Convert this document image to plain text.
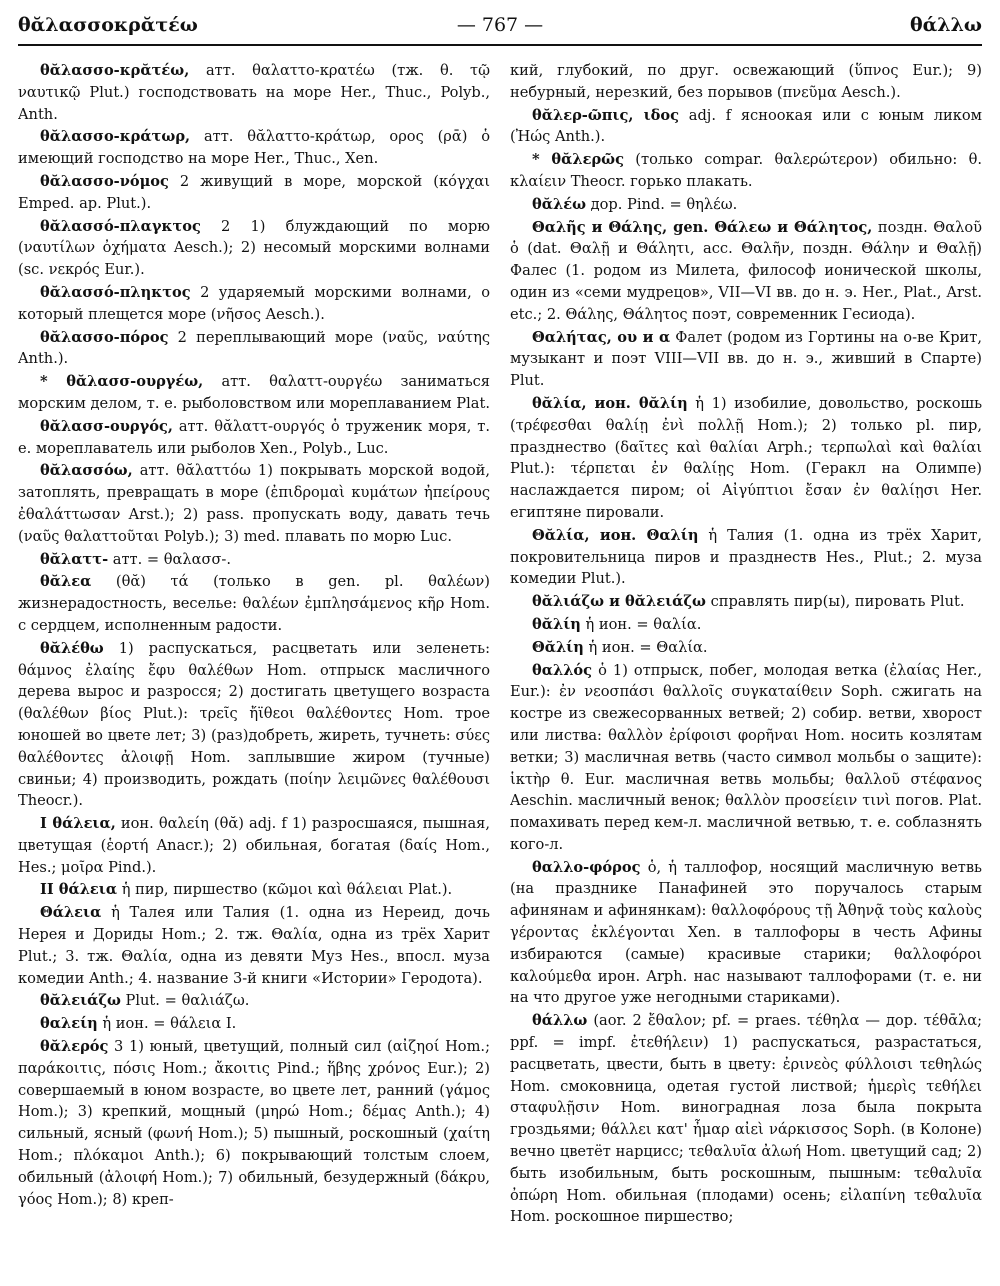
θᾰλασσοκρᾰτέω	— 767 —	θάλλω

θᾰλασσο-κρᾰτέω, атт. θαλαττο-κρατέω (тж. θ. τῷ ναυτικῷ Plut.) господствовать на море Her., Thuc., Polyb., Anth.

θᾰλασσο-κράτωρ, атт. θᾰλαττο-κράτωρ, ορος (ρᾱ) ὁ имеющий господство на море Her., Thuc., Xen.

θᾰλασσο-νόμος 2 живущий в море, морской (κόγχαι Emped. ap. Plut.).

θᾰλασσό-πλαγκτος 2 1) блуждающий по морю (ναυτίλων ὀχήματα Aesch.); 2) несомый морскими волнами (sc. νεκρός Eur.).

θᾰλασσό-πληκτος 2 ударяемый морскими волнами, о который плещется море (νῆσος Aesch.).

θᾰλασσο-πόρος 2 переплывающий море (ναῦς, ναύτης Anth.).

* θᾰλασσ-ουργέω, атт. θαλαττ-ουργέω заниматься морским делом, т. е. рыболовством или мореплаванием Plat.

θᾰλασσ-ουργός, атт. θᾰλαττ-ουργός ὁ труженик моря, т. е. мореплаватель или рыболов Xen., Polyb., Luc.

θᾰλασσόω, атт. θᾰλαττόω 1) покрывать морской водой, затоплять, превращать в море (ἐπιδρομαὶ κυμάτων ἠπείρους ἐθαλάττωσαν Arst.); 2) pass. пропускать воду, давать течь (ναῦς θαλαττοῦται Polyb.); 3) med. плавать по морю Luc.

θᾰλαττ- атт. = θαλασσ-.

θᾰλεα (θᾰ) τά (только в gen. pl. θαλέων) жизнерадостность, веселье: θαλέων ἐμπλησάμενος κῆρ Hom. с сердцем, исполненным радости.

θᾰλέθω 1) распускаться, расцветать или зеленеть: θάμνος ἐλαίης ἔφυ θαλέθων Hom. отпрыск масличного дерева вырос и разросся; 2) достигать цветущего возраста (θαλέθων βίος Plut.): τρεῖς ἤϊθεοι θαλέθοντες Hom. трое юношей во цвете лет; 3) (раз)добреть, жиреть, тучнеть: σύες θαλέθοντες ἀλοιφῇ Hom. заплывшие жиром (тучные) свиньи; 4) производить, рождать (ποίην λειμῶνες θαλέθουσι Theocr.).

I θάλεια, ион. θαλείη (θᾰ) adj. f 1) разросшаяся, пышная, цветущая (ἑορτή Anacr.); 2) обильная, богатая (δαίς Hom., Hes.; μοῖρα Pind.).

II θάλεια ἡ пир, пиршество (κῶμοι καὶ θάλειαι Plat.).

Θάλεια ἡ Талея или Талия (1. одна из Нереид, дочь Нерея и Дориды Hom.; 2. тж. Θαλία, одна из трёх Харит Plut.; 3. тж. Θαλία, одна из девяти Муз Hes., впосл. муза комедии Anth.; 4. название 3-й книги «Истории» Геродота).

θᾰλειάζω Plut. = θαλιάζω.

θαλείη ἡ ион. = θάλεια I.

θᾰλερός 3 1) юный, цветущий, полный сил (αἰζηοί Hom.; παράκοιτις, πόσις Hom.; ἄκοιτις Pind.; ἥβης χρόνος Eur.); 2) совершаемый в юном возрасте, во цвете лет, ранний (γάμος Hom.); 3) крепкий, мощный (μηρώ Hom.; δέμας Anth.); 4) сильный, ясный (φωνή Hom.); 5) пышный, роскошный (χαίτη Hom.; πλόκαμοι Anth.); 6) покрывающий толстым слоем, обильный (ἀλοιφή Hom.); 7) обильный, безудержный (δάκρυ, γόος Hom.); 8) креп-

кий, глубокий, по друг. освежающий (ὕπνος Eur.); 9) небурный, нерезкий, без порывов (πνεῦμα Aesch.).

θᾰλερ-ῶπις, ιδος adj. f ясноокая или с юным ликом (Ἠώς Anth.).

* θᾰλερῶς (только compar. θαλερώτερον) обильно: θ. κλαίειν Theocr. горько плакать.

θᾰλέω дор. Pind. = θηλέω.

Θαλῆς и Θάλης, gen. Θάλεω и Θάλητος, поздн. Θαλοῦ ὁ (dat. Θαλῇ и Θάλητι, acc. Θαλῆν, поздн. Θάλην и Θαλῇ) Фалес (1. родом из Милета, философ ионической школы, один из «семи мудрецов», VII—VI вв. до н. э. Her., Plat., Arst. etc.; 2. Θάλης, Θάλητος поэт, современник Гесиода).

Θαλήτας, ου и α Фалет (родом из Гортины на о-ве Крит, музыкант и поэт VIII—VII вв. до н. э., живший в Спарте) Plut.

θᾰλία, ион. θᾰλίη ἡ 1) изобилие, довольство, роскошь (τρέφεσθαι θαλίῃ ἐνὶ πολλῇ Hom.); 2) только pl. пир, празднество (δαῖτες καὶ θαλίαι Arph.; τερπωλαὶ καὶ θαλίαι Plut.): τέρπεται ἐν θαλίῃς Hom. (Геракл на Олимпе) наслаждается пиром; οἱ Αἰγύπτιοι ἔσαν ἐν θαλίῃσι Her. египтяне пировали.

Θᾰλία, ион. Θαλίη ἡ Талия (1. одна из трёх Харит, покровительница пиров и празднеств Hes., Plut.; 2. муза комедии Plut.).

θᾰλιάζω и θᾰλειάζω справлять пир(ы), пировать Plut.

θᾰλίη ἡ ион. = θαλία.

Θᾰλίη ἡ ион. = Θαλία.

θαλλός ὁ 1) отпрыск, побег, молодая ветка (ἐλαίας Her., Eur.): ἐν νεοσπάσι θαλλοῖς συγκαταίθειν Soph. сжигать на костре из свежесорванных ветвей; 2) собир. ветви, хворост или листва: θαλλὸν ἐρίφοισι φορῆναι Hom. носить козлятам ветки; 3) масличная ветвь (часто символ мольбы о защите): ἱκτὴρ θ. Eur. масличная ветвь мольбы; θαλλοῦ στέφανος Aeschin. масличный венок; θαλλὸν προσείειν τινὶ погов. Plat. помахивать перед кем-л. масличной ветвью, т. е. соблазнять кого-л.

θαλλο-φόρος ὁ, ἡ таллофор, носящий масличную ветвь (на празднике Панафиней это поручалось старым афинянам и афинянкам): θαλλοφόρους τῇ Ἀθηνᾷ τοὺς καλοὺς γέροντας ἐκλέγονται Xen. в таллофоры в честь Афины избираются (самые) красивые старики; θαλλοφόροι καλούμεθα ирон. Arph. нас называют таллофорами (т. е. ни на что другое уже негодными стариками).

θάλλω (aor. 2 ἔθαλον; pf. = praes. τέθηλα — дор. τέθᾱλα; ppf. = impf. ἐτεθήλειν) 1) распускаться, разрастаться, расцветать, цвести, быть в цвету: ἐρινεὸς φύλλοισι τεθηλώς Hom. смоковница, одетая густой листвой; ἡμερὶς τεθήλει σταφυλῇσιν Hom. виноградная лоза была покрыта гроздьями; θάλλει κατ' ἦμαρ αἰεὶ νάρκισσος Soph. (в Колоне) вечно цветёт нарцисс; τεθαλυῖα ἀλωή Hom. цветущий сад; 2) быть изобильным, быть роскошным, пышным: τεθαλυῖα ὀπώρη Hom. обильная (плодами) осень; εἰλαπίνη τεθαλυῖα Hom. роскошное пиршество;
